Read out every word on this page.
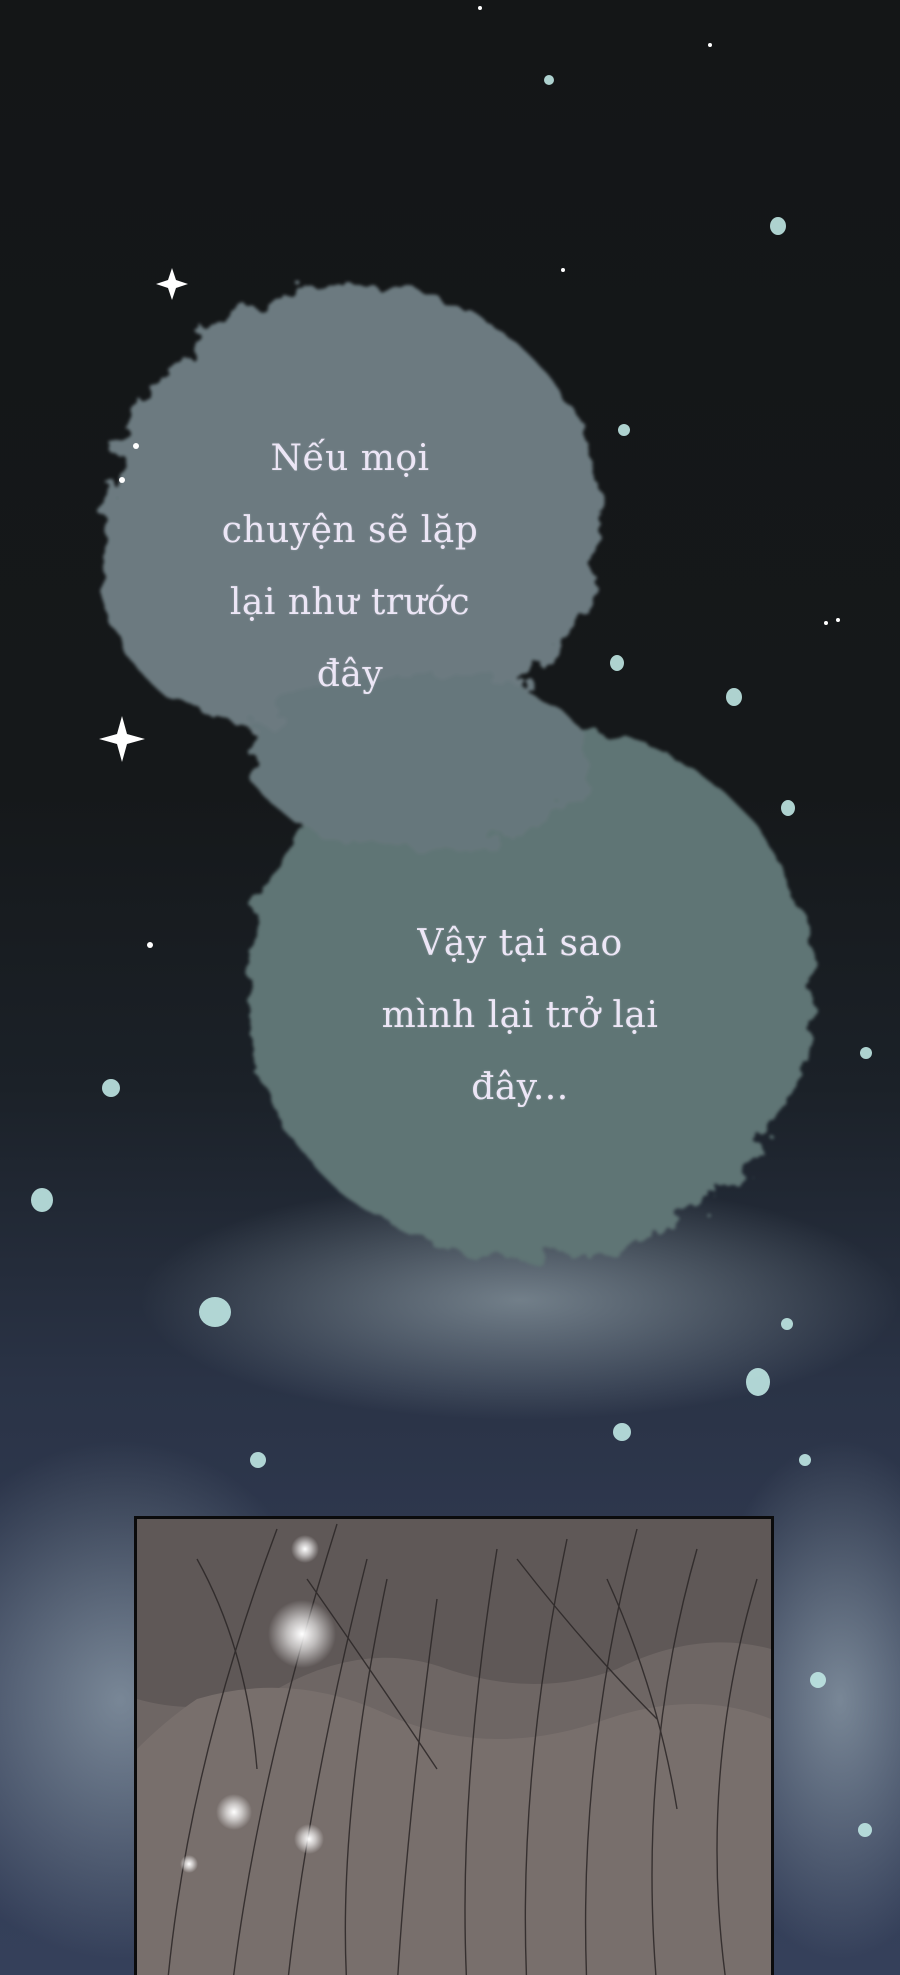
Nếu mọi
chuyện sẽ lặp
lại như trước
đây
Vậy tại sao
mình lại trở lại
đây...
